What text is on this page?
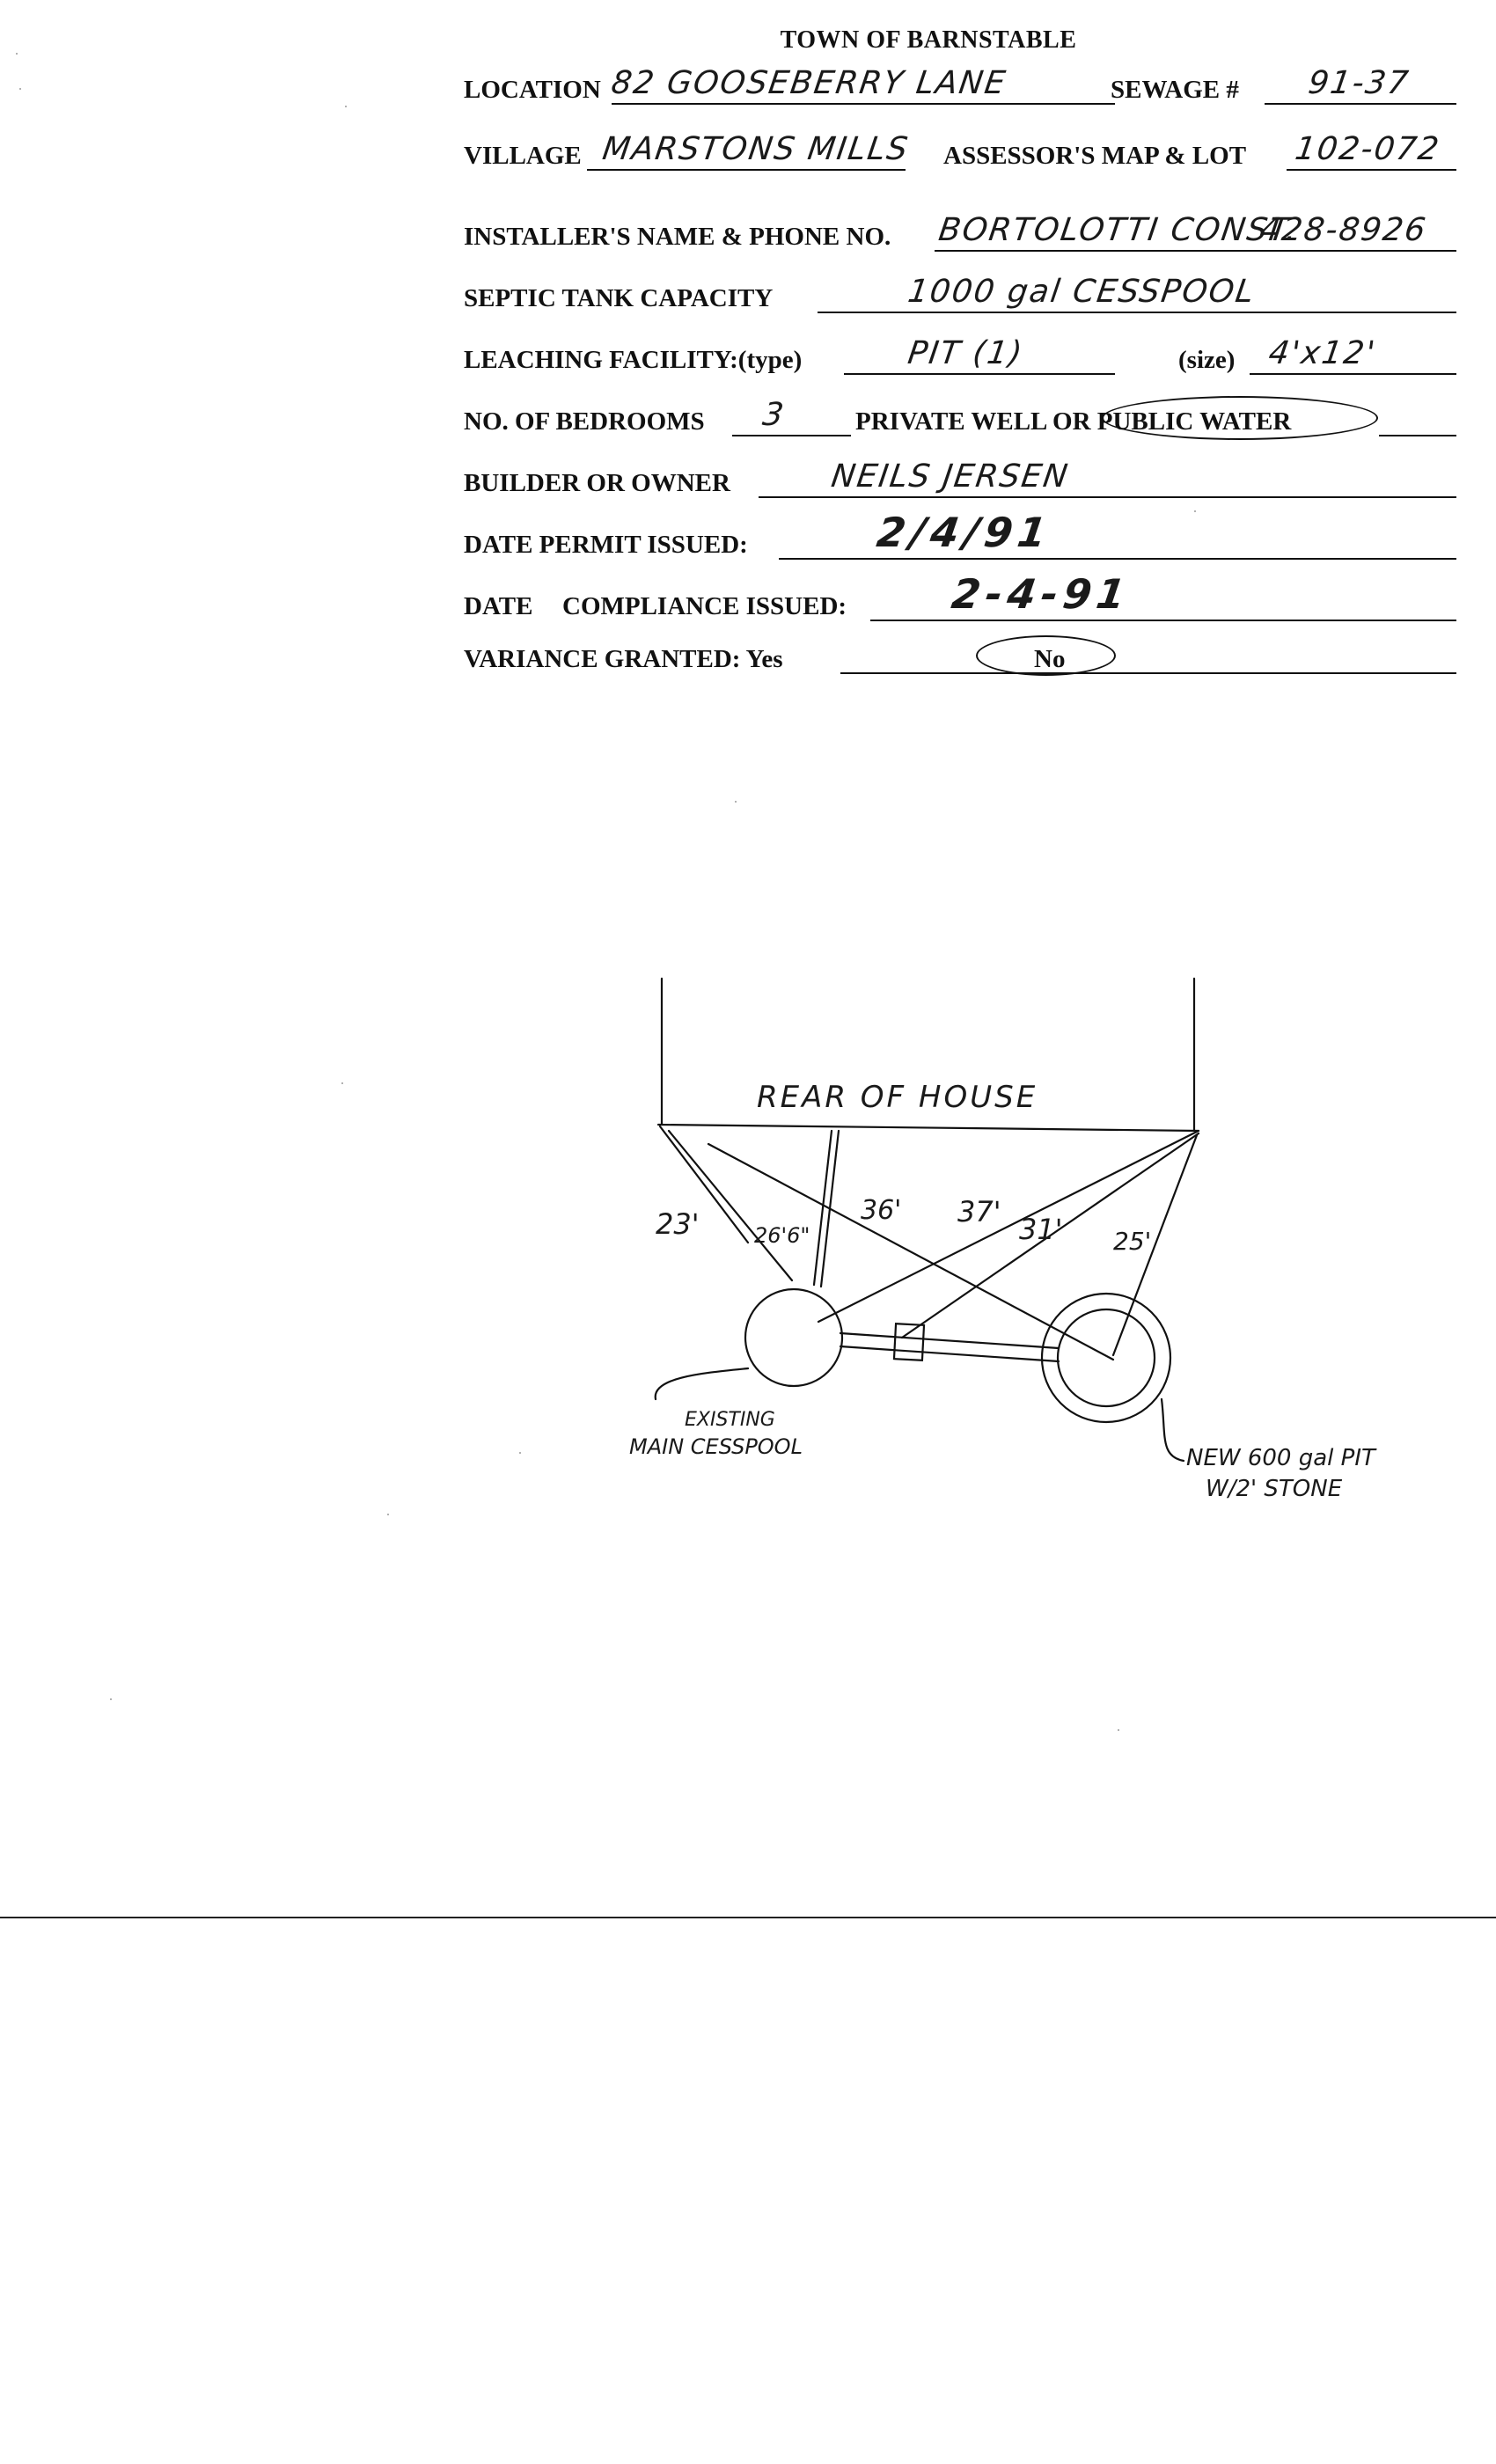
TOWN OF BARNSTABLE
LOCATION 82 GOOSEBERRY LANE	SEWAGE # 91-37
VILLAGE MARSTONS MILLS ASSESSOR'S MAP & LOT 102-072
INSTALLER'S NAME & PHONE NO. BORTOLOTTI CONST.
428-8926
SEPTIC TANK CAPACITY	1000 gal CESSPOOL
LEACHING FACILITY:(type)	PIT (1)	(size) 4'x12'
NO. OF BEDROOMS 3	PRIVATE WELL OR PUBLIC WATER
BUILDER OR OWNER	NEILS JERSEN
DATE PERMIT ISSUED:	2/4/91
DATE COMPLIANCE ISSUED:	2-4-91
VARIANCE GRANTED: Yes	No
REAR OF HOUSE
23'	26'6"
36' 37'
31' 25'
EXISTING
MAIN CESSPOOL	NEW 600 gal PIT
W/2' STONE
